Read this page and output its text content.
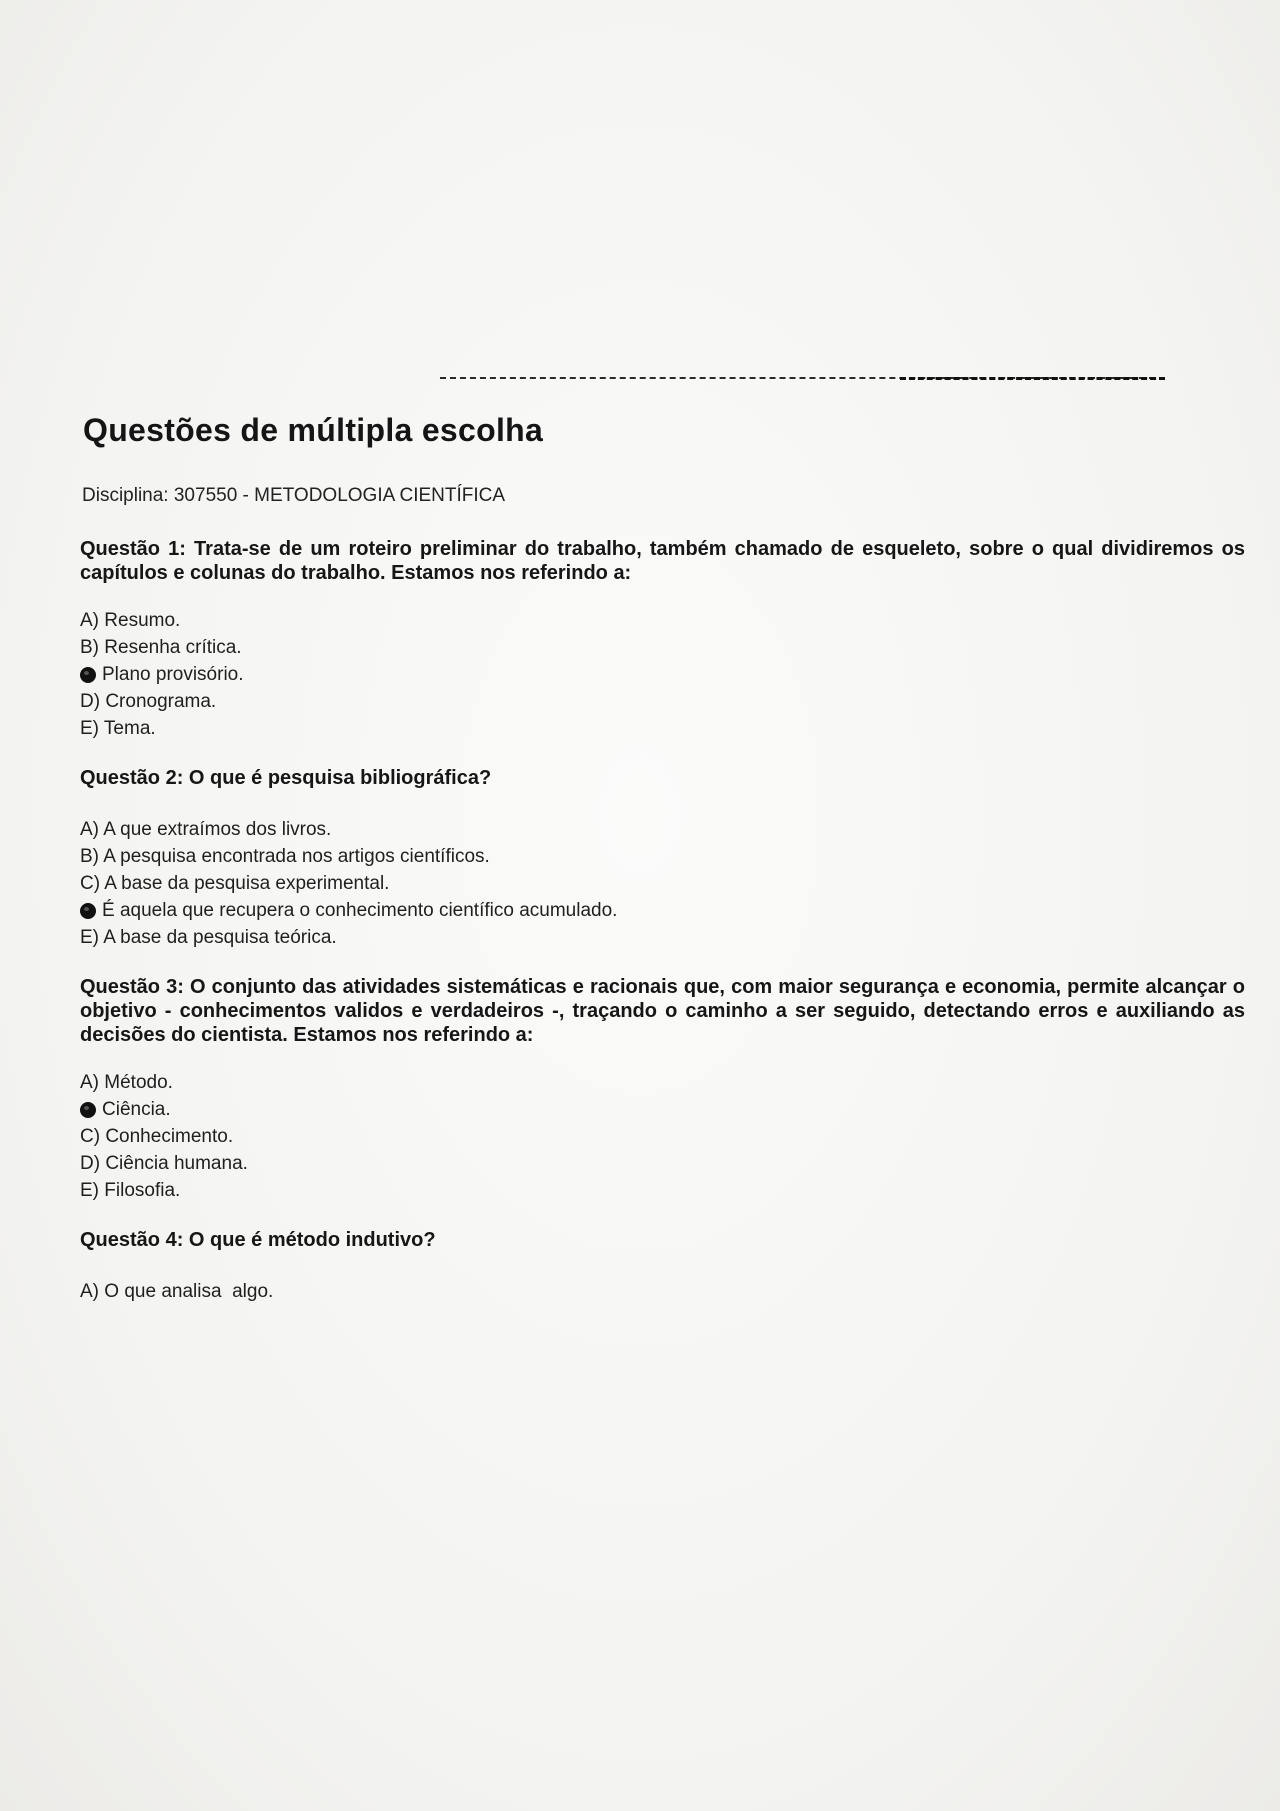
Questões de múltipla escolha
Disciplina: 307550 - METODOLOGIA CIENTÍFICA

Questão 1: Trata-se de um roteiro preliminar do trabalho, também chamado de esqueleto, sobre o qual dividiremos os capítulos e colunas do trabalho. Estamos nos referindo a:

A) Resumo.
B) Resenha crítica.
Plano provisório.
D) Cronograma.
E) Tema.

Questão 2: O que é pesquisa bibliográfica?

A) A que extraímos dos livros.
B) A pesquisa encontrada nos artigos científicos.
C) A base da pesquisa experimental.
É aquela que recupera o conhecimento científico acumulado.
E) A base da pesquisa teórica.

Questão 3: O conjunto das atividades sistemáticas e racionais que, com maior segurança e economia, permite alcançar o objetivo - conhecimentos validos e verdadeiros -, traçando o caminho a ser seguido, detectando erros e auxiliando as decisões do cientista. Estamos nos referindo a:

A) Método.
Ciência.
C) Conhecimento.
D) Ciência humana.
E) Filosofia.

Questão 4: O que é método indutivo?

A) O que analisa  algo.
